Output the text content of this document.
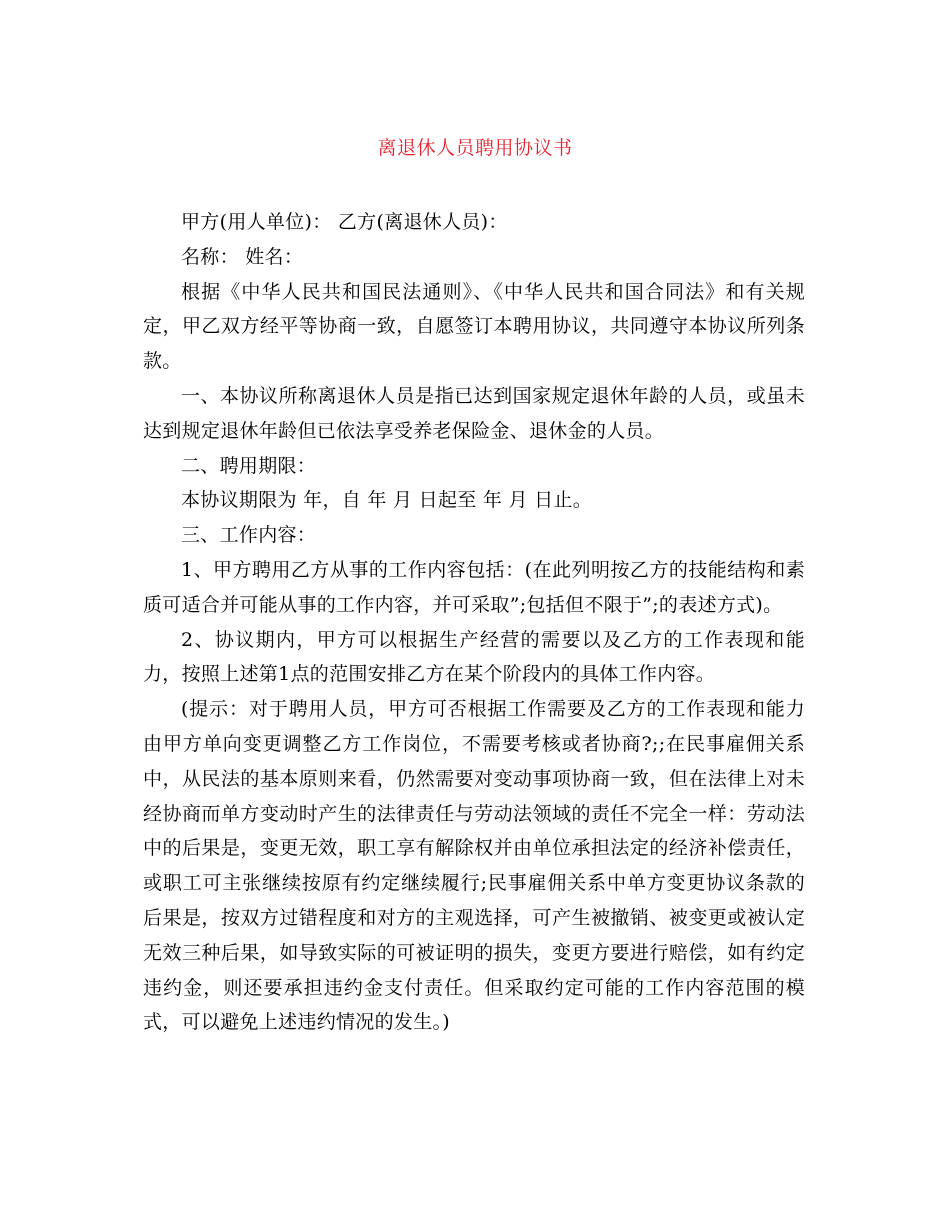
离退休人员聘用协议书

甲方(用人单位)： 乙方(离退休人员)：

名称： 姓名：

根据《中华人民共和国民法通则》、《中华人民共和国合同法》和有关规定，甲乙双方经平等协商一致，自愿签订本聘用协议，共同遵守本协议所列条款。

一、本协议所称离退休人员是指已达到国家规定退休年龄的人员，或虽未达到规定退休年龄但已依法享受养老保险金、退休金的人员。

二、聘用期限：

本协议期限为 年，自 年 月 日起至 年 月 日止。

三、工作内容：

1、甲方聘用乙方从事的工作内容包括：(在此列明按乙方的技能结构和素质可适合并可能从事的工作内容，并可采取”;包括但不限于”;的表述方式)。

2、协议期内，甲方可以根据生产经营的需要以及乙方的工作表现和能力，按照上述第1点的范围安排乙方在某个阶段内的具体工作内容。

(提示：对于聘用人员，甲方可否根据工作需要及乙方的工作表现和能力由甲方单向变更调整乙方工作岗位，不需要考核或者协商?;;在民事雇佣关系中，从民法的基本原则来看，仍然需要对变动事项协商一致，但在法律上对未经协商而单方变动时产生的法律责任与劳动法领域的责任不完全一样：劳动法中的后果是，变更无效，职工享有解除权并由单位承担法定的经济补偿责任，或职工可主张继续按原有约定继续履行;民事雇佣关系中单方变更协议条款的后果是，按双方过错程度和对方的主观选择，可产生被撤销、被变更或被认定无效三种后果，如导致实际的可被证明的损失，变更方要进行赔偿，如有约定违约金，则还要承担违约金支付责任。但采取约定可能的工作内容范围的模式，可以避免上述违约情况的发生。)
